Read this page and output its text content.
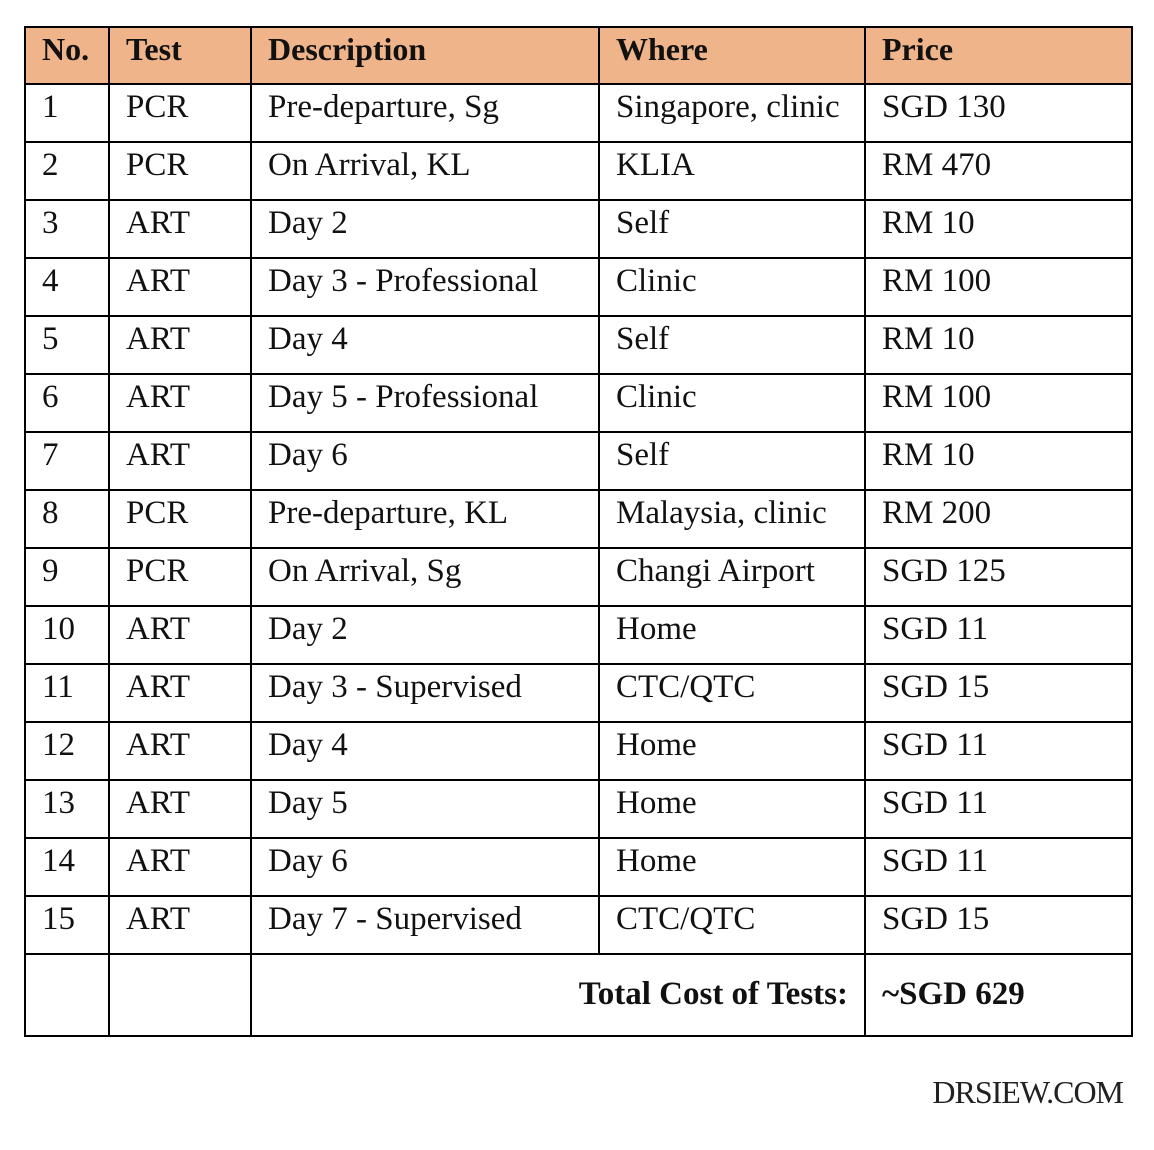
No.	Test	Description	Where	Price
1	PCR	Pre-departure, Sg	Singapore, clinic	SGD 130
2	PCR	On Arrival, KL	KLIA	RM 470
3	ART	Day 2	Self	RM 10
4	ART	Day 3 - Professional	Clinic	RM 100
5	ART	Day 4	Self	RM 10
6	ART	Day 5 - Professional	Clinic	RM 100
7	ART	Day 6	Self	RM 10
8	PCR	Pre-departure, KL	Malaysia, clinic	RM 200
9	PCR	On Arrival, Sg	Changi Airport	SGD 125
10	ART	Day 2	Home	SGD 11
11	ART	Day 3 - Supervised	CTC/QTC	SGD 15
12	ART	Day 4	Home	SGD 11
13	ART	Day 5	Home	SGD 11
14	ART	Day 6	Home	SGD 11
15	ART	Day 7 - Supervised	CTC/QTC	SGD 15
		Total Cost of Tests:		~SGD 629
DRSIEW.COM
